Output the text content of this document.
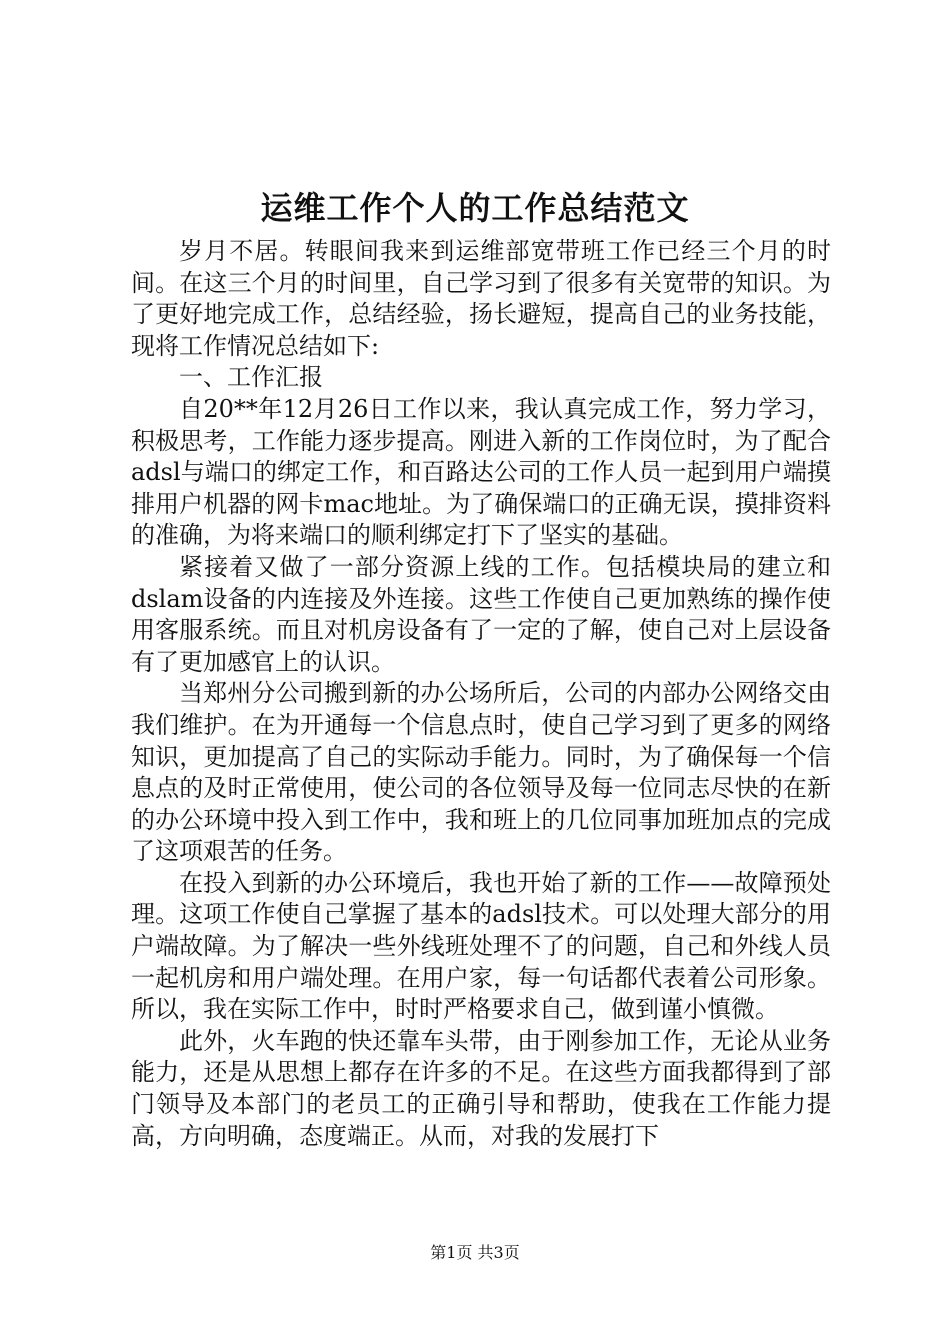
运维工作个人的工作总结范文

岁月不居。转眼间我来到运维部宽带班工作已经三个月的时间。在这三个月的时间里，自己学习到了很多有关宽带的知识。为了更好地完成工作，总结经验，扬长避短，提高自己的业务技能，现将工作情况总结如下:

一、工作汇报

自20**年12月26日工作以来，我认真完成工作，努力学习，积极思考，工作能力逐步提高。刚进入新的工作岗位时，为了配合adsl与端口的绑定工作，和百路达公司的工作人员一起到用户端摸排用户机器的网卡mac地址。为了确保端口的正确无误，摸排资料的准确，为将来端口的顺利绑定打下了坚实的基础。

紧接着又做了一部分资源上线的工作。包括模块局的建立和dslam设备的内连接及外连接。这些工作使自己更加熟练的操作使用客服系统。而且对机房设备有了一定的了解，使自己对上层设备有了更加感官上的认识。

当郑州分公司搬到新的办公场所后，公司的内部办公网络交由我们维护。在为开通每一个信息点时，使自己学习到了更多的网络知识，更加提高了自己的实际动手能力。同时，为了确保每一个信息点的及时正常使用，使公司的各位领导及每一位同志尽快的在新的办公环境中投入到工作中，我和班上的几位同事加班加点的完成了这项艰苦的任务。

在投入到新的办公环境后，我也开始了新的工作——故障预处理。这项工作使自己掌握了基本的adsl技术。可以处理大部分的用户端故障。为了解决一些外线班处理不了的问题，自己和外线人员一起机房和用户端处理。在用户家，每一句话都代表着公司形象。所以，我在实际工作中，时时严格要求自己，做到谨小慎微。

此外，火车跑的快还靠车头带，由于刚参加工作，无论从业务能力，还是从思想上都存在许多的不足。在这些方面我都得到了部门领导及本部门的老员工的正确引导和帮助，使我在工作能力提高，方向明确，态度端正。从而，对我的发展打下

第1页 共3页
